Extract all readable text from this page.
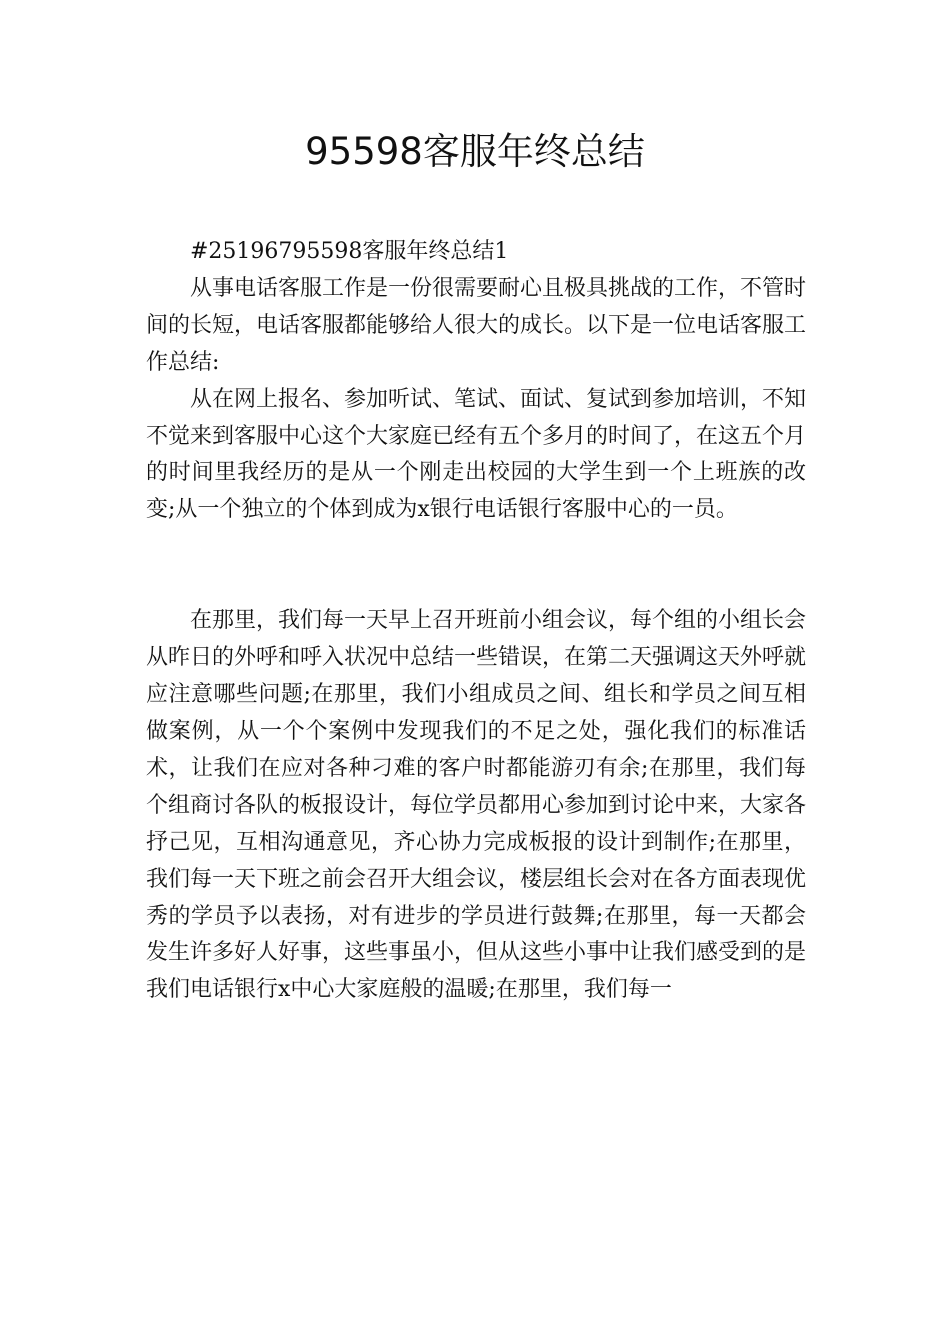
95598客服年终总结

#25196795598客服年终总结1

从事电话客服工作是一份很需要耐心且极具挑战的工作，不管时间的长短，电话客服都能够给人很大的成长。以下是一位电话客服工作总结:

从在网上报名、参加听试、笔试、面试、复试到参加培训，不知不觉来到客服中心这个大家庭已经有五个多月的时间了，在这五个月的时间里我经历的是从一个刚走出校园的大学生到一个上班族的改变;从一个独立的个体到成为x银行电话银行客服中心的一员。

在那里，我们每一天早上召开班前小组会议，每个组的小组长会从昨日的外呼和呼入状况中总结一些错误，在第二天强调这天外呼就应注意哪些问题;在那里，我们小组成员之间、组长和学员之间互相做案例，从一个个案例中发现我们的不足之处，强化我们的标准话术，让我们在应对各种刁难的客户时都能游刃有余;在那里，我们每个组商讨各队的板报设计，每位学员都用心参加到讨论中来，大家各抒己见，互相沟通意见，齐心协力完成板报的设计到制作;在那里，我们每一天下班之前会召开大组会议，楼层组长会对在各方面表现优秀的学员予以表扬，对有进步的学员进行鼓舞;在那里，每一天都会发生许多好人好事，这些事虽小，但从这些小事中让我们感受到的是我们电话银行x中心大家庭般的温暖;在那里，我们每一
